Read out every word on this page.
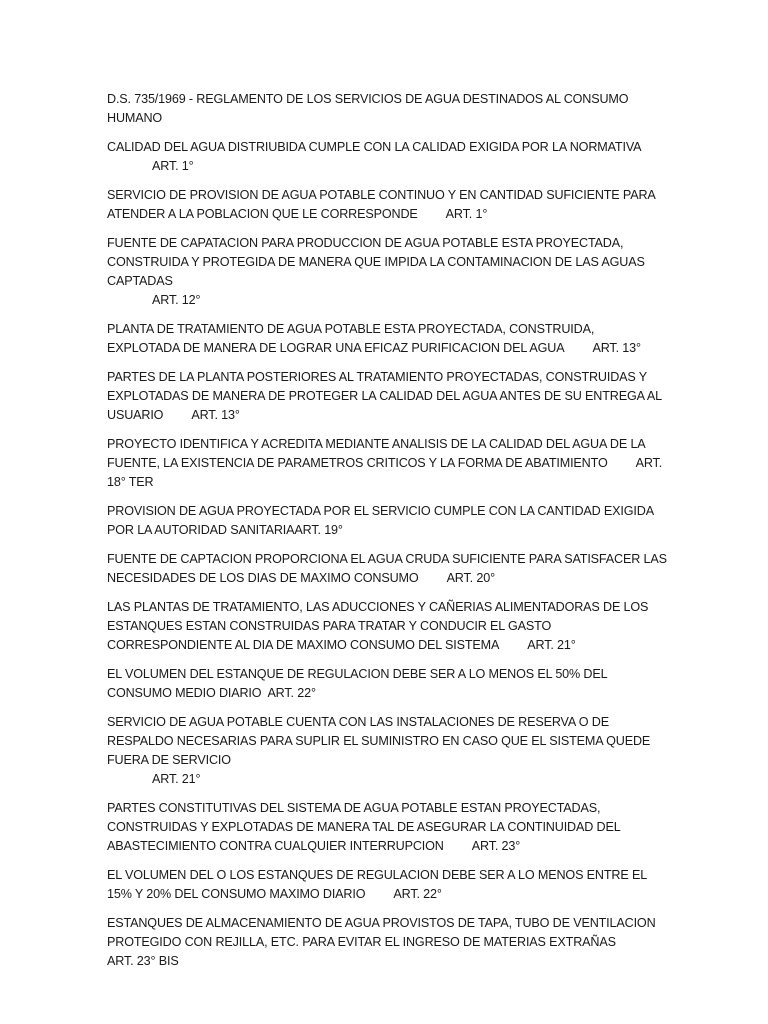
D.S. 735/1969 - REGLAMENTO DE LOS SERVICIOS DE AGUA DESTINADOS AL CONSUMO HUMANO
CALIDAD DEL AGUA DISTRIUBIDA CUMPLE CON LA CALIDAD EXIGIDA POR LA NORMATIVA
ART. 1°
SERVICIO DE PROVISION DE AGUA POTABLE CONTINUO Y EN CANTIDAD SUFICIENTE PARA ATENDER A LA POBLACION QUE LE CORRESPONDE ART. 1°
FUENTE DE CAPATACION PARA PRODUCCION DE AGUA POTABLE ESTA PROYECTADA, CONSTRUIDA Y PROTEGIDA DE MANERA QUE IMPIDA LA CONTAMINACION DE LAS AGUAS CAPTADAS
ART. 12°
PLANTA DE TRATAMIENTO DE AGUA POTABLE ESTA PROYECTADA, CONSTRUIDA, EXPLOTADA DE MANERA DE LOGRAR UNA EFICAZ PURIFICACION DEL AGUA ART. 13°
PARTES DE LA PLANTA POSTERIORES AL TRATAMIENTO PROYECTADAS, CONSTRUIDAS Y EXPLOTADAS DE MANERA DE PROTEGER LA CALIDAD DEL AGUA ANTES DE SU ENTREGA AL USUARIO ART. 13°
PROYECTO IDENTIFICA Y ACREDITA MEDIANTE ANALISIS DE LA CALIDAD DEL AGUA DE LA FUENTE, LA EXISTENCIA DE PARAMETROS CRITICOS Y LA FORMA DE ABATIMIENTO ART. 18° TER
PROVISION DE AGUA PROYECTADA POR EL SERVICIO CUMPLE CON LA CANTIDAD EXIGIDA POR LA AUTORIDAD SANITARIAART. 19°
FUENTE DE CAPTACION PROPORCIONA EL AGUA CRUDA SUFICIENTE PARA SATISFACER LAS NECESIDADES DE LOS DIAS DE MAXIMO CONSUMO ART. 20°
LAS PLANTAS DE TRATAMIENTO, LAS ADUCCIONES Y CAÑERIAS ALIMENTADORAS DE LOS ESTANQUES ESTAN CONSTRUIDAS PARA TRATAR Y CONDUCIR EL GASTO CORRESPONDIENTE AL DIA DE MAXIMO CONSUMO DEL SISTEMA ART. 21°
EL VOLUMEN DEL ESTANQUE DE REGULACION DEBE SER A LO MENOS EL 50% DEL CONSUMO MEDIO DIARIO ART. 22°
SERVICIO DE AGUA POTABLE CUENTA CON LAS INSTALACIONES DE RESERVA O DE RESPALDO NECESARIAS PARA SUPLIR EL SUMINISTRO EN CASO QUE EL SISTEMA QUEDE FUERA DE SERVICIO
ART. 21°
PARTES CONSTITUTIVAS DEL SISTEMA DE AGUA POTABLE ESTAN PROYECTADAS, CONSTRUIDAS Y EXPLOTADAS DE MANERA TAL DE ASEGURAR LA CONTINUIDAD DEL ABASTECIMIENTO CONTRA CUALQUIER INTERRUPCION ART. 23°
EL VOLUMEN DEL O LOS ESTANQUES DE REGULACION DEBE SER A LO MENOS ENTRE EL 15% Y 20% DEL CONSUMO MAXIMO DIARIO ART. 22°
ESTANQUES DE ALMACENAMIENTO DE AGUA PROVISTOS DE TAPA, TUBO DE VENTILACION PROTEGIDO CON REJILLA, ETC. PARA EVITAR EL INGRESO DE MATERIAS EXTRAÑASART. 23° BIS
